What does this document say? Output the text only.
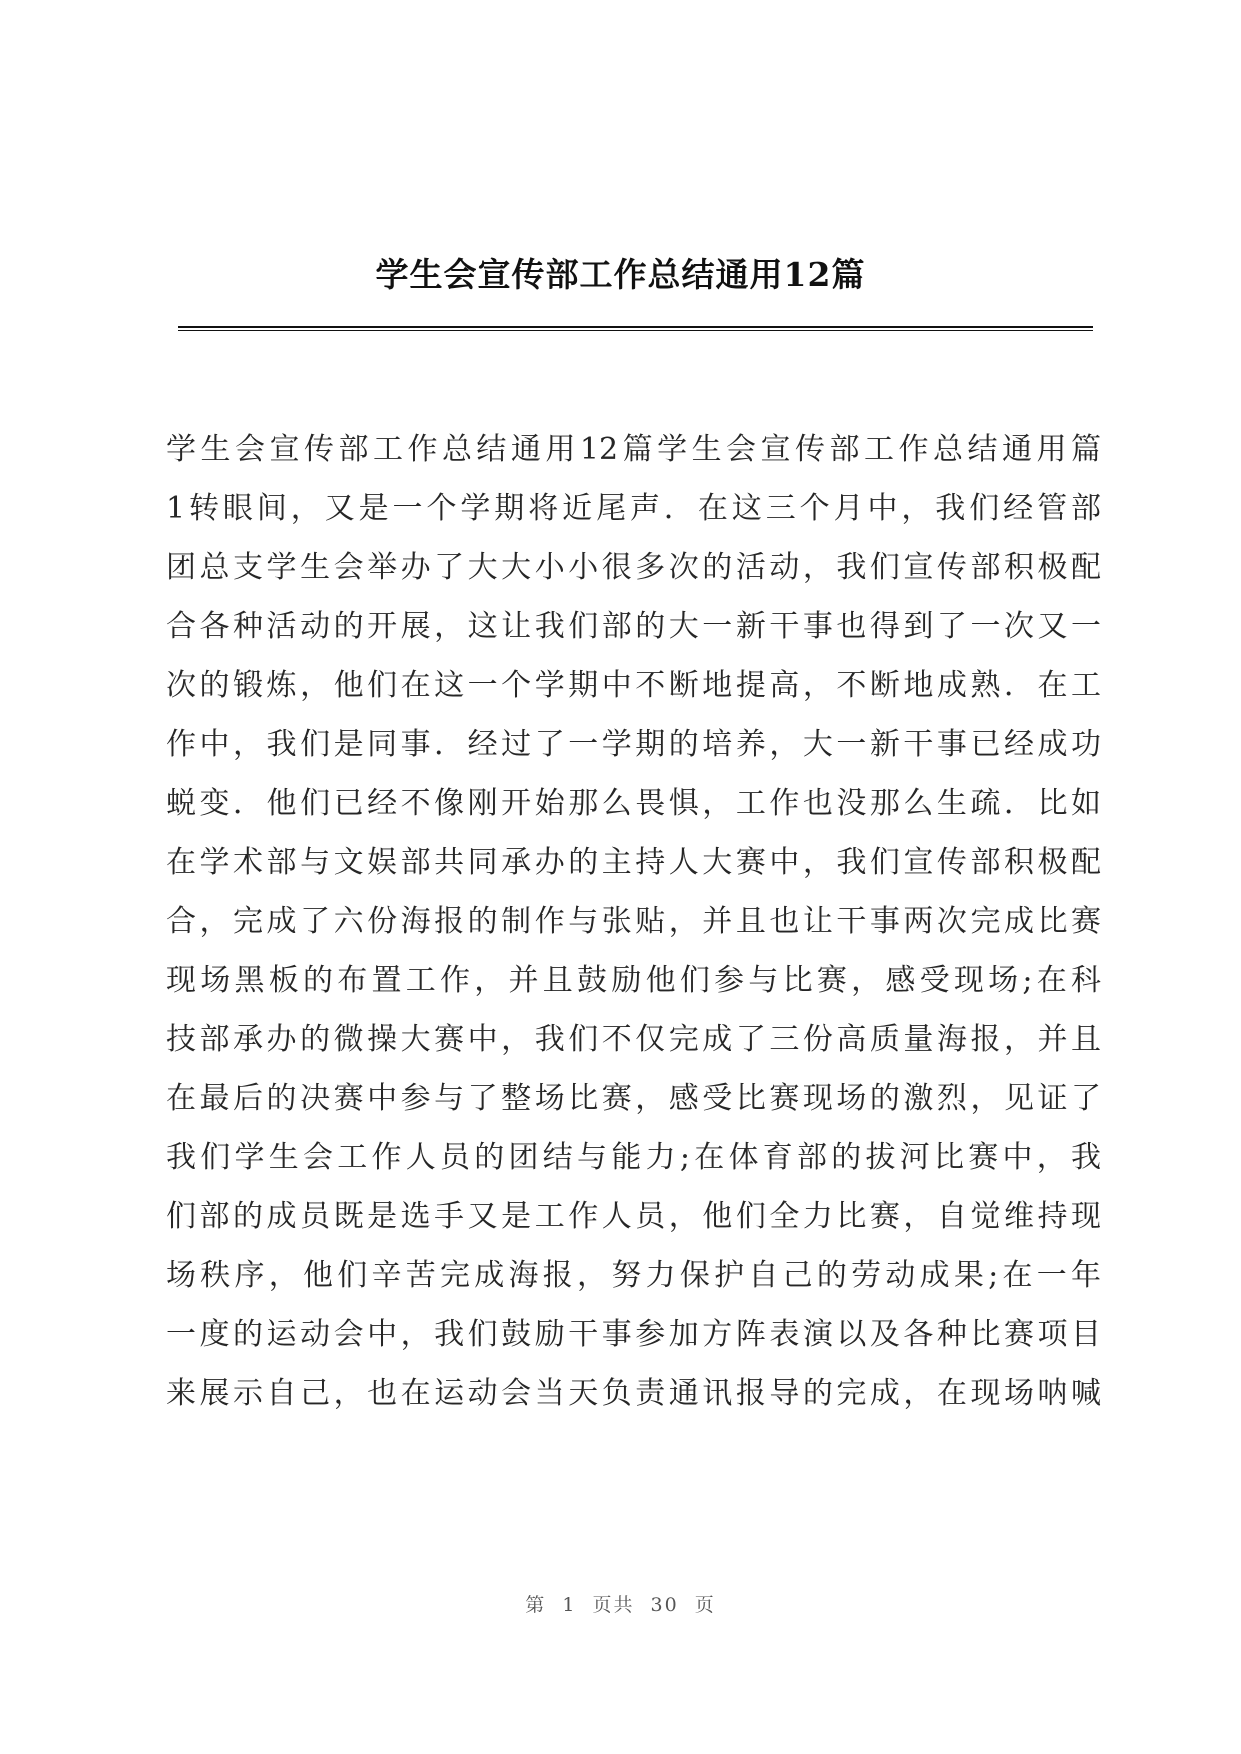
学生会宣传部工作总结通用12篇
学生会宣传部工作总结通用12篇学生会宣传部工作总结通用篇
1转眼间，又是一个学期将近尾声．在这三个月中，我们经管部
团总支学生会举办了大大小小很多次的活动，我们宣传部积极配
合各种活动的开展，这让我们部的大一新干事也得到了一次又一
次的锻炼，他们在这一个学期中不断地提高，不断地成熟．在工
作中，我们是同事．经过了一学期的培养，大一新干事已经成功
蜕变．他们已经不像刚开始那么畏惧，工作也没那么生疏．比如
在学术部与文娱部共同承办的主持人大赛中，我们宣传部积极配
合，完成了六份海报的制作与张贴，并且也让干事两次完成比赛
现场黑板的布置工作，并且鼓励他们参与比赛，感受现场;在科
技部承办的微操大赛中，我们不仅完成了三份高质量海报，并且
在最后的决赛中参与了整场比赛，感受比赛现场的激烈，见证了
我们学生会工作人员的团结与能力;在体育部的拔河比赛中，我
们部的成员既是选手又是工作人员，他们全力比赛，自觉维持现
场秩序，他们辛苦完成海报，努力保护自己的劳动成果;在一年
一度的运动会中，我们鼓励干事参加方阵表演以及各种比赛项目
来展示自己，也在运动会当天负责通讯报导的完成，在现场呐喊
第 1 页共 30 页
